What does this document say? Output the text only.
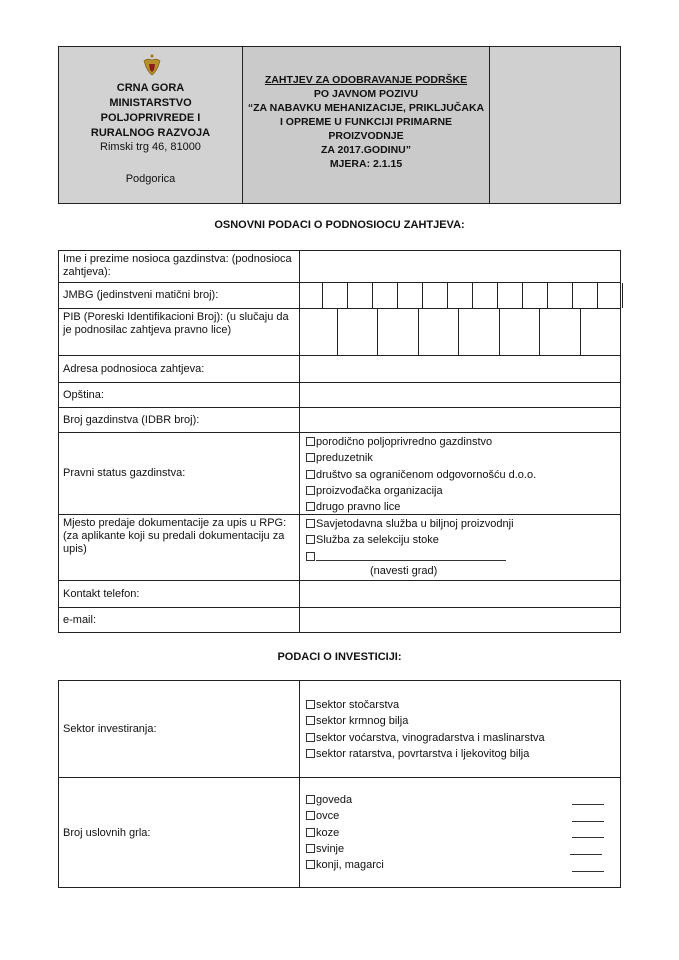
CRNA GORA
MINISTARSTVO
POLJOPRIVREDE I
RURALNOG RAZVOJA
Rimski trg 46, 81000
Podgorica
ZAHTJEV ZA ODOBRAVANJE PODRŠKE
PO JAVNOM POZIVU
“ZA NABAVKU MEHANIZACIJE, PRIKLJUČAKA
I OPREME U FUNKCIJI PRIMARNE
PROIZVODNJE
ZA 2017.GODINU”
MJERA: 2.1.15
OSNOVNI PODACI O PODNOSIOCU ZAHTJEVA:
Ime i prezime nosioca gazdinstva: (podnosioca zahtjeva):
JMBG (jedinstveni matični broj):
PIB (Poreski Identifikacioni Broj): (u slučaju da je podnosilac zahtjeva pravno lice)
Adresa podnosioca zahtjeva:
Opština:
Broj gazdinstva (IDBR broj):
Pravni status gazdinstva:
porodično poljoprivredno gazdinstvo
preduzetnik
društvo sa ograničenom odgovornošću d.o.o.
proizvođačka organizacija
drugo pravno lice
Mjesto predaje dokumentacije za upis u RPG: (za aplikante koji su predali dokumentaciju za upis)
Savjetodavna služba u biljnoj proizvodnji
Služba za selekciju stoke
(navesti grad)
Kontakt telefon:
e-mail:
PODACI O INVESTICIJI:
Sektor investiranja:
sektor stočarstva
sektor krmnog bilja
sektor voćarstva, vinogradarstva i maslinarstva
sektor ratarstva, povrtarstva i ljekovitog bilja
Broj uslovnih grla:
goveda
ovce
koze
svinje
konji, magarci
